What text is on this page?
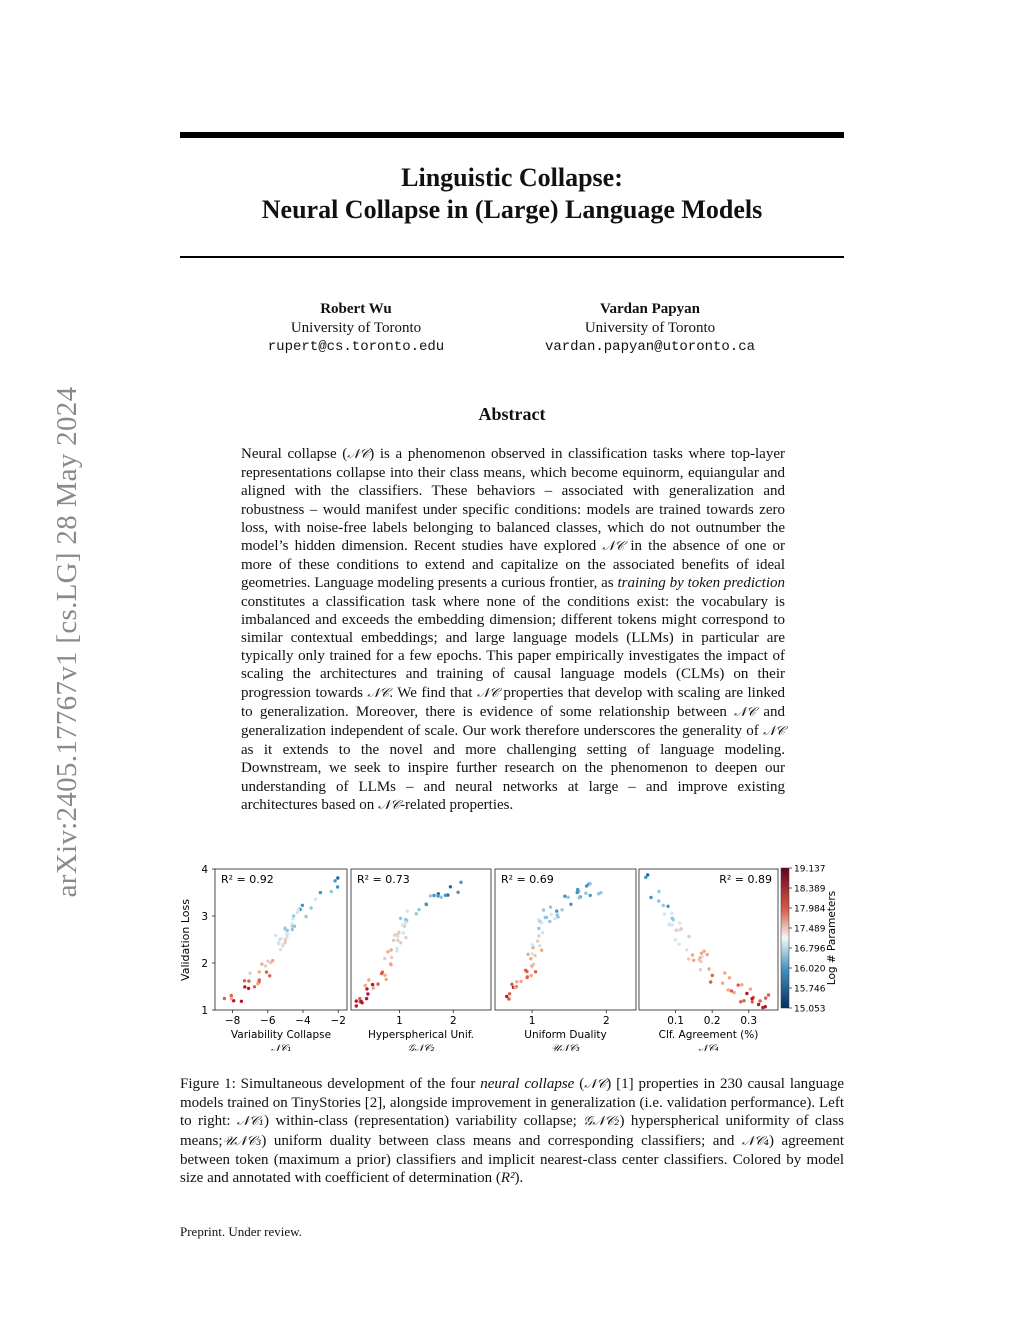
arXiv:2405.17767v1 [cs.LG] 28 May 2024
Linguistic Collapse:
Neural Collapse in (Large) Language Models
Robert Wu
University of Toronto
rupert@cs.toronto.edu
Vardan Papyan
University of Toronto
vardan.papyan@utoronto.ca
Abstract
Neural collapse (𝒩𝒞) is a phenomenon observed in classification tasks where top-layer representations collapse into their class means, which become equinorm, equiangular and aligned with the classifiers. These behaviors – associated with generalization and robustness – would manifest under specific conditions: models are trained towards zero loss, with noise-free labels belonging to balanced classes, which do not outnumber the model’s hidden dimension. Recent studies have explored 𝒩𝒞 in the absence of one or more of these conditions to extend and capitalize on the associated benefits of ideal geometries. Language modeling presents a curious frontier, as training by token prediction constitutes a classification task where none of the conditions exist: the vocabulary is imbalanced and exceeds the embedding dimension; different tokens might correspond to similar contextual embeddings; and large language models (LLMs) in particular are typically only trained for a few epochs. This paper empirically investigates the impact of scaling the architectures and training of causal language models (CLMs) on their progression towards 𝒩𝒞. We find that 𝒩𝒞 properties that develop with scaling are linked to generalization. Moreover, there is evidence of some relationship between 𝒩𝒞 and generalization independent of scale. Our work therefore underscores the generality of 𝒩𝒞 as it extends to the novel and more challenging setting of language modeling. Downstream, we seek to inspire further research on the phenomenon to deepen our understanding of LLMs – and neural networks at large – and improve existing architectures based on 𝒩𝒞-related properties.
R² = 0.92
−8 −6 −4 −2
Variability Collapse
𝒩𝒞₁
1
2
3
4
R² = 0.73
1	2
Hyperspherical Unif.
𝒢𝒩𝒞₂
R² = 0.69
1	2
Uniform Duality
𝒰𝒩𝒞₃
R² = 0.89
0.1 0.2 0.3
Clf. Agreement (%)
𝒩𝒞₄
Validation Loss
19.137
18.389
17.984
17.489
16.796
16.020
15.746
15.053
Log # Parameters
Figure 1: Simultaneous development of the four neural collapse (𝒩𝒞) [1] properties in 230 causal language models trained on TinyStories [2], alongside improvement in generalization (i.e. validation performance). Left to right: 𝒩𝒞₁) within-class (representation) variability collapse; 𝒢𝒩𝒞₂) hyperspherical uniformity of class means;𝒰𝒩𝒞₃) uniform duality between class means and corresponding classifiers; and 𝒩𝒞₄) agreement between token (maximum a prior) classifiers and implicit nearest-class center classifiers. Colored by model size and annotated with coefficient of determination (R²).
Preprint. Under review.
